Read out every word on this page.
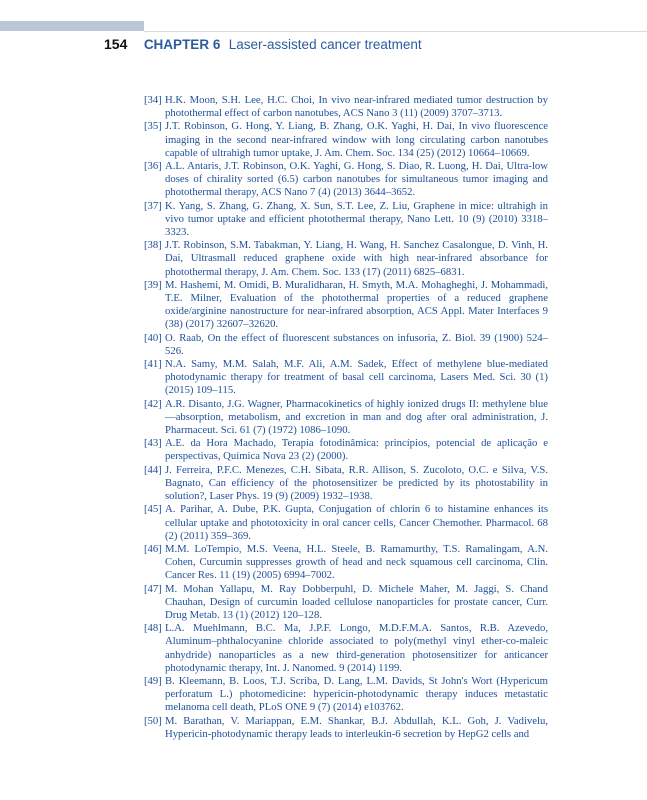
154 CHAPTER 6 Laser-assisted cancer treatment
[34] H.K. Moon, S.H. Lee, H.C. Choi, In vivo near-infrared mediated tumor destruction by photothermal effect of carbon nanotubes, ACS Nano 3 (11) (2009) 3707–3713.
[35] J.T. Robinson, G. Hong, Y. Liang, B. Zhang, O.K. Yaghi, H. Dai, In vivo fluorescence imaging in the second near-infrared window with long circulating carbon nanotubes capable of ultrahigh tumor uptake, J. Am. Chem. Soc. 134 (25) (2012) 10664–10669.
[36] A.L. Antaris, J.T. Robinson, O.K. Yaghi, G. Hong, S. Diao, R. Luong, H. Dai, Ultra-low doses of chirality sorted (6.5) carbon nanotubes for simultaneous tumor imaging and photothermal therapy, ACS Nano 7 (4) (2013) 3644–3652.
[37] K. Yang, S. Zhang, G. Zhang, X. Sun, S.T. Lee, Z. Liu, Graphene in mice: ultrahigh in vivo tumor uptake and efficient photothermal therapy, Nano Lett. 10 (9) (2010) 3318–3323.
[38] J.T. Robinson, S.M. Tabakman, Y. Liang, H. Wang, H. Sanchez Casalongue, D. Vinh, H. Dai, Ultrasmall reduced graphene oxide with high near-infrared absorbance for photothermal therapy, J. Am. Chem. Soc. 133 (17) (2011) 6825–6831.
[39] M. Hashemi, M. Omidi, B. Muralidharan, H. Smyth, M.A. Mohagheghi, J. Mohammadi, T.E. Milner, Evaluation of the photothermal properties of a reduced graphene oxide/arginine nanostructure for near-infrared absorption, ACS Appl. Mater Interfaces 9 (38) (2017) 32607–32620.
[40] O. Raab, On the effect of fluorescent substances on infusoria, Z. Biol. 39 (1900) 524–526.
[41] N.A. Samy, M.M. Salah, M.F. Ali, A.M. Sadek, Effect of methylene blue-mediated photodynamic therapy for treatment of basal cell carcinoma, Lasers Med. Sci. 30 (1) (2015) 109–115.
[42] A.R. Disanto, J.G. Wagner, Pharmacokinetics of highly ionized drugs II: methylene blue—absorption, metabolism, and excretion in man and dog after oral administration, J. Pharmaceut. Sci. 61 (7) (1972) 1086–1090.
[43] A.E. da Hora Machado, Terapia fotodinâmica: princípios, potencial de aplicação e perspectivas, Química Nova 23 (2) (2000).
[44] J. Ferreira, P.F.C. Menezes, C.H. Sibata, R.R. Allison, S. Zucoloto, O.C. e Silva, V.S. Bagnato, Can efficiency of the photosensitizer be predicted by its photostability in solution?, Laser Phys. 19 (9) (2009) 1932–1938.
[45] A. Parihar, A. Dube, P.K. Gupta, Conjugation of chlorin 6 to histamine enhances its cellular uptake and phototoxicity in oral cancer cells, Cancer Chemother. Pharmacol. 68 (2) (2011) 359–369.
[46] M.M. LoTempio, M.S. Veena, H.L. Steele, B. Ramamurthy, T.S. Ramalingam, A.N. Cohen, Curcumin suppresses growth of head and neck squamous cell carcinoma, Clin. Cancer Res. 11 (19) (2005) 6994–7002.
[47] M. Mohan Yallapu, M. Ray Dobberpuhl, D. Michele Maher, M. Jaggi, S. Chand Chauhan, Design of curcumin loaded cellulose nanoparticles for prostate cancer, Curr. Drug Metab. 13 (1) (2012) 120–128.
[48] L.A. Muehlmann, B.C. Ma, J.P.F. Longo, M.D.F.M.A. Santos, R.B. Azevedo, Aluminum–phthalocyanine chloride associated to poly(methyl vinyl ether-co-maleic anhydride) nanoparticles as a new third-generation photosensitizer for anticancer photodynamic therapy, Int. J. Nanomed. 9 (2014) 1199.
[49] B. Kleemann, B. Loos, T.J. Scriba, D. Lang, L.M. Davids, St John's Wort (Hypericum perforatum L.) photomedicine: hypericin-photodynamic therapy induces metastatic melanoma cell death, PLoS ONE 9 (7) (2014) e103762.
[50] M. Barathan, V. Mariappan, E.M. Shankar, B.J. Abdullah, K.L. Goh, J. Vadivelu, Hypericin-photodynamic therapy leads to interleukin-6 secretion by HepG2 cells and
